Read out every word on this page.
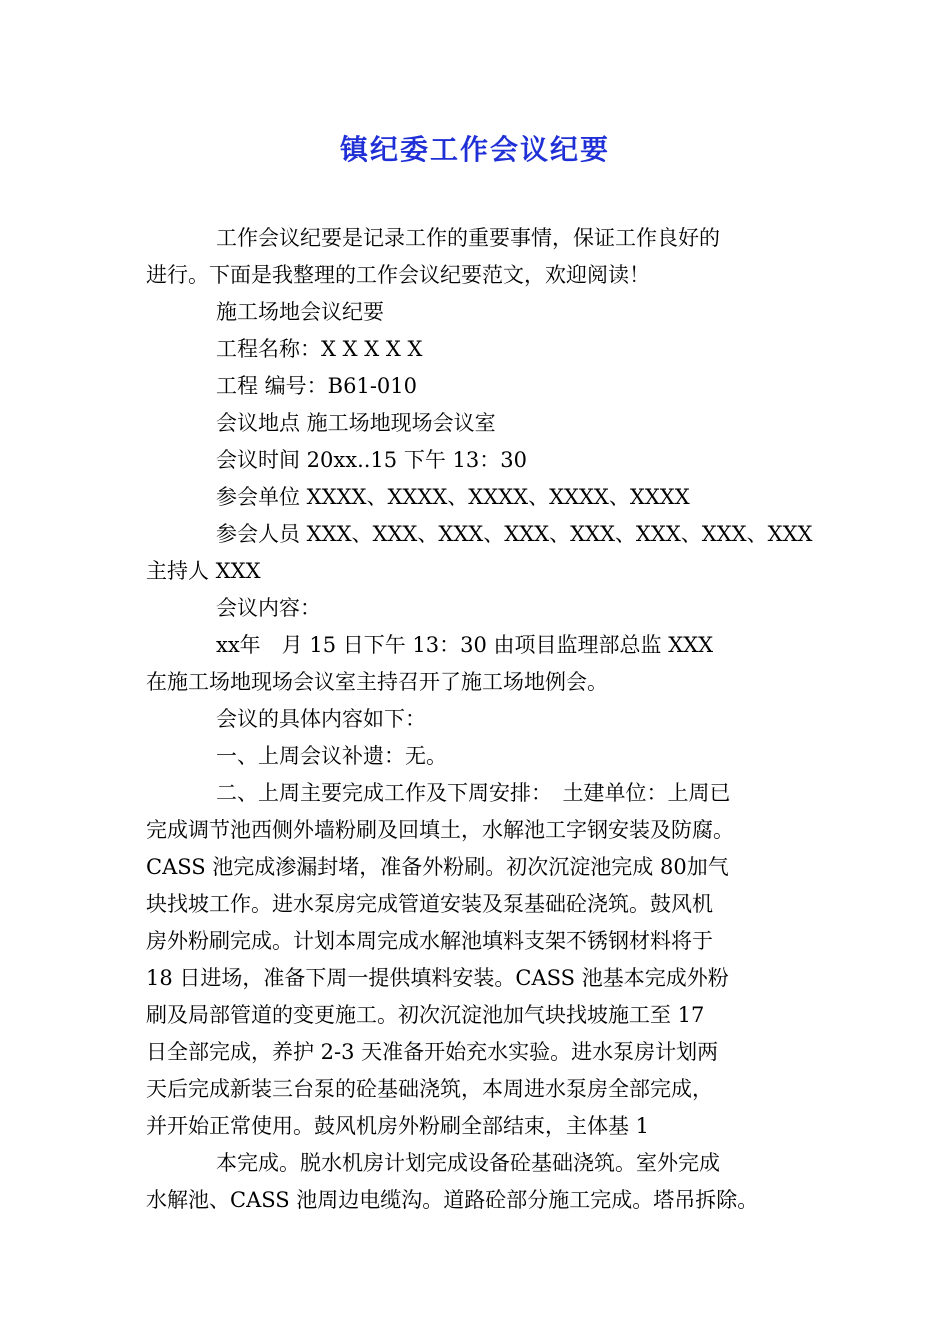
镇纪委工作会议纪要
工作会议纪要是记录工作的重要事情，保证工作良好的
进行。下面是我整理的工作会议纪要范文，欢迎阅读！
施工场地会议纪要
工程名称：X X X X X
工程 编号：B61-010
会议地点 施工场地现场会议室
会议时间 20xx..15 下午 13：30
参会单位 XXXX、XXXX、XXXX、XXXX、XXXX
参会人员 XXX、XXX、XXX、XXX、XXX、XXX、XXX、XXX
主持人 XXX
会议内容：
xx年　月 15 日下午 13：30 由项目监理部总监 XXX
在施工场地现场会议室主持召开了施工场地例会。
会议的具体内容如下：
一、上周会议补遗：无。
二、上周主要完成工作及下周安排：　土建单位：上周已
完成调节池西侧外墙粉刷及回填土，水解池工字钢安装及防腐。
CASS 池完成渗漏封堵，准备外粉刷。初次沉淀池完成 80加气
块找坡工作。进水泵房完成管道安装及泵基础砼浇筑。鼓风机
房外粉刷完成。计划本周完成水解池填料支架不锈钢材料将于
18 日进场，准备下周一提供填料安装。CASS 池基本完成外粉
刷及局部管道的变更施工。初次沉淀池加气块找坡施工至 17
日全部完成，养护 2-3 天准备开始充水实验。进水泵房计划两
天后完成新装三台泵的砼基础浇筑，本周进水泵房全部完成，
并开始正常使用。鼓风机房外粉刷全部结束，主体基 1
本完成。脱水机房计划完成设备砼基础浇筑。室外完成
水解池、CASS 池周边电缆沟。道路砼部分施工完成。塔吊拆除。
